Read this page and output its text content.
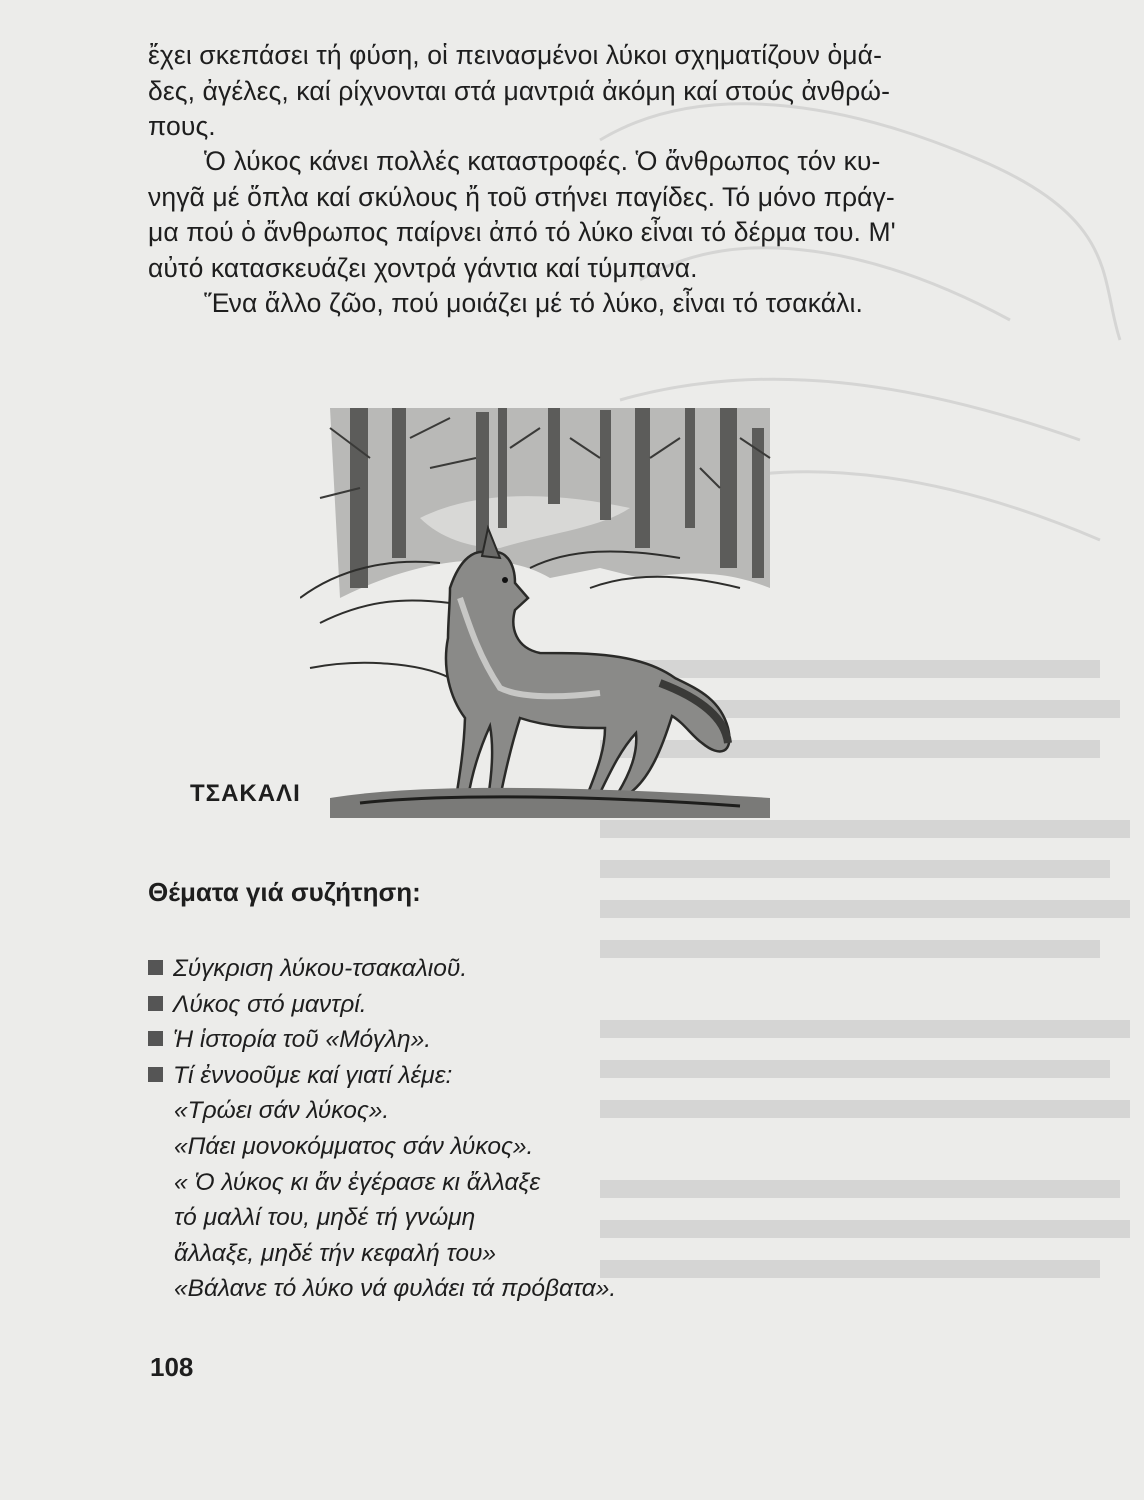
ἔχει σκεπάσει τή φύση, οἱ πεινασμένοι λύκοι σχηματίζουν ὁμά-
δες, ἀγέλες, καί ρίχνονται στά μαντριά ἀκόμη καί στούς ἀνθρώ-
πους.
Ὁ λύκος κάνει πολλές καταστροφές. Ὁ ἄνθρωπος τόν κυ-
νηγᾶ μέ ὅπλα καί σκύλους ἤ τοῦ στήνει παγίδες. Τό μόνο πράγ-
μα πού ὁ ἄνθρωπος παίρνει ἀπό τό λύκο εἶναι τό δέρμα του. Μ'
αὐτό κατασκευάζει χοντρά γάντια καί τύμπανα.
Ἕνα ἄλλο ζῶο, πού μοιάζει μέ τό λύκο, εἶναι τό τσακάλι.
ΤΣΑΚΑΛΙ
Θέματα γιά συζήτηση:
Σύγκριση λύκου-τσακαλιοῦ.
Λύκος στό μαντρί.
Ἡ ἱστορία τοῦ «Μόγλη».
Τί ἐννοοῦμε καί γιατί λέμε:
«Τρώει σάν λύκος».
«Πάει μονοκόμματος σάν λύκος».
« Ὁ λύκος κι ἄν ἐγέρασε κι ἄλλαξε
τό μαλλί του, μηδέ τή γνώμη
ἄλλαξε, μηδέ τήν κεφαλή του»
«Βάλανε τό λύκο νά φυλάει τά πρόβατα».
108
